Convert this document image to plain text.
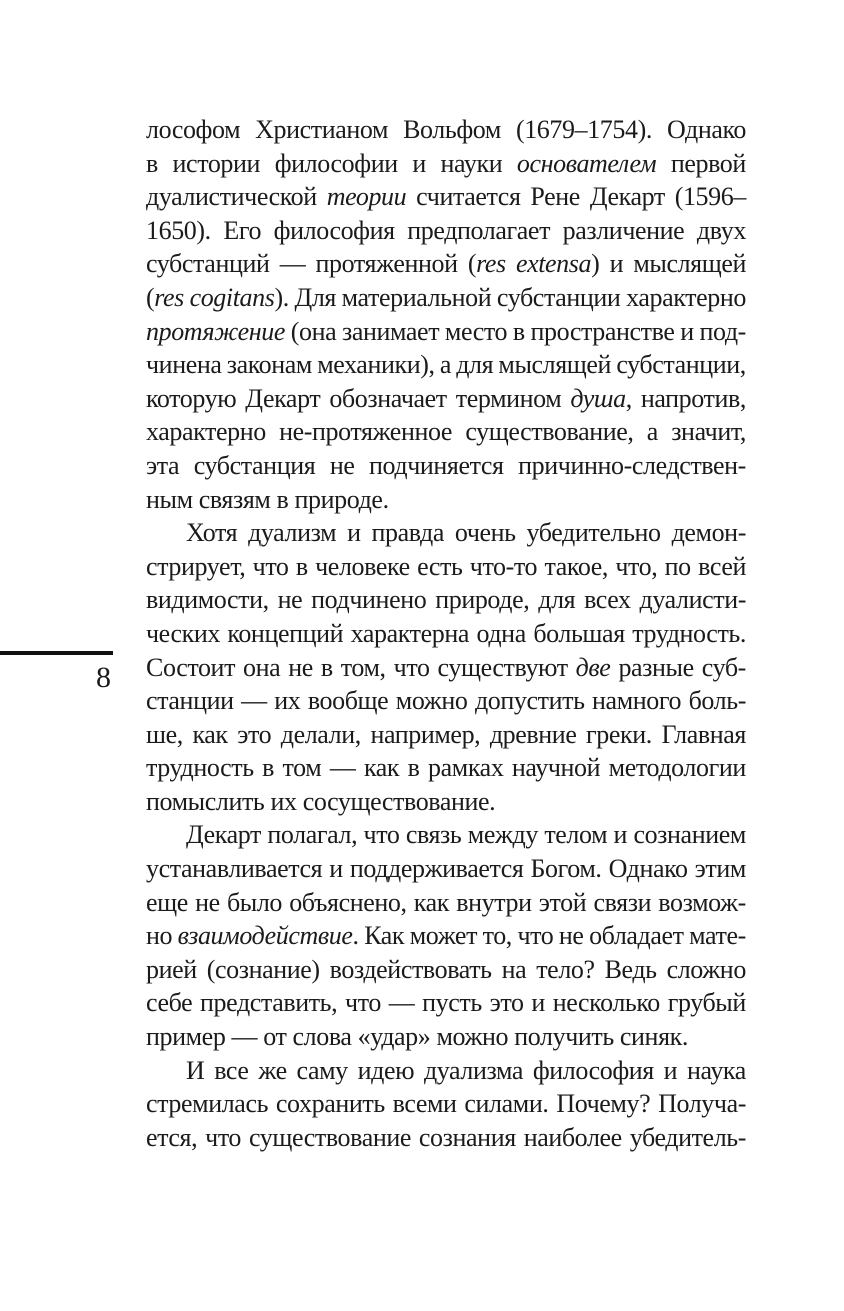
8
лософом Христианом Вольфом (1679–1754). Однако
в истории философии и науки основателем первой
дуалистической теории считается Рене Декарт (1596–
1650). Его философия предполагает различение двух
субстанций — протяженной (res extensa) и мыслящей
(res cogitans). Для материальной субстанции характерно
протяжение (она занимает место в пространстве и под-
чинена законам механики), а для мыслящей субстанции,
которую Декарт обозначает термином душа, напротив,
характерно не-протяженное существование, а значит,
эта субстанция не подчиняется причинно-следствен-
ным связям в природе.
Хотя дуализм и правда очень убедительно демон-
стрирует, что в человеке есть что-то такое, что, по всей
видимости, не подчинено природе, для всех дуалисти-
ческих концепций характерна одна большая трудность.
Состоит она не в том, что существуют две разные суб-
станции — их вообще можно допустить намного боль-
ше, как это делали, например, древние греки. Главная
трудность в том — как в рамках научной методологии
помыслить их сосуществование.
Декарт полагал, что связь между телом и сознанием
устанавливается и поддерживается Богом. Однако этим
еще не было объяснено, как внутри этой связи возмож-
но взаимодействие. Как может то, что не обладает мате-
рией (сознание) воздействовать на тело? Ведь сложно
себе представить, что — пусть это и несколько грубый
пример — от слова «удар» можно получить синяк.
И все же саму идею дуализма философия и наука
стремилась сохранить всеми силами. Почему? Получа-
ется, что существование сознания наиболее убедитель-
